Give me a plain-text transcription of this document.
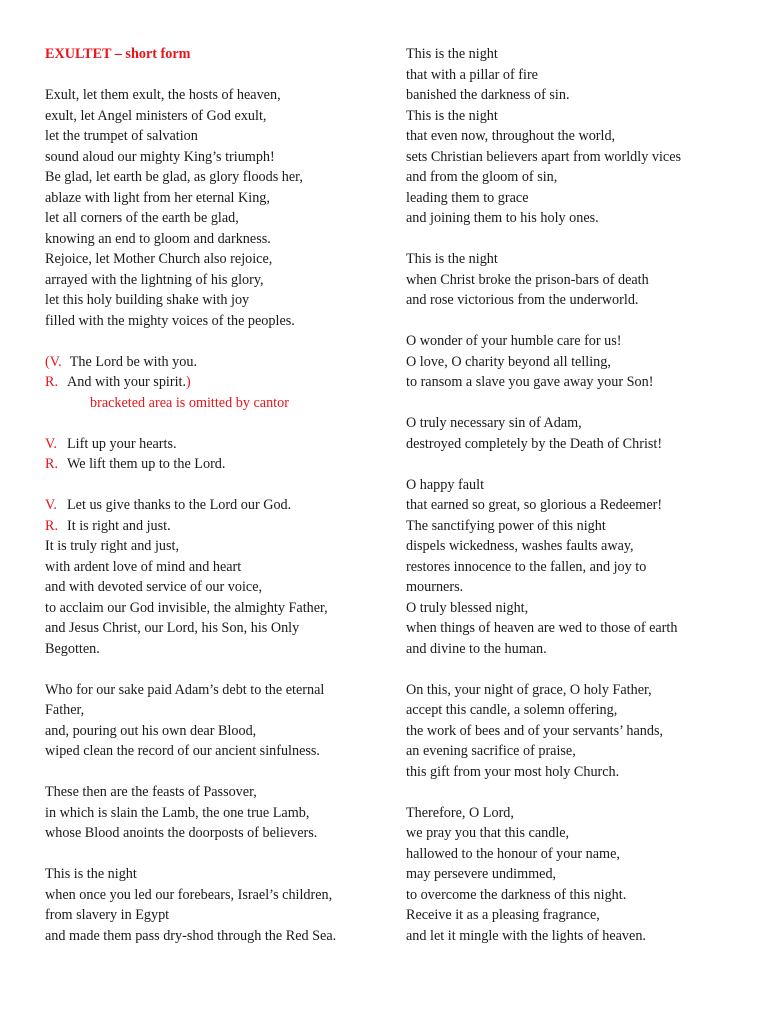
EXULTET – short form
Exult, let them exult, the hosts of heaven,
exult, let Angel ministers of God exult,
let the trumpet of salvation
sound aloud our mighty King’s triumph!
Be glad, let earth be glad, as glory floods her,
ablaze with light from her eternal King,
let all corners of the earth be glad,
knowing an end to gloom and darkness.
Rejoice, let Mother Church also rejoice,
arrayed with the lightning of his glory,
let this holy building shake with joy
filled with the mighty voices of the peoples.
(V. The Lord be with you.
R. And with your spirit.)
bracketed area is omitted by cantor
V. Lift up your hearts.
R. We lift them up to the Lord.
V. Let us give thanks to the Lord our God.
R. It is right and just.
It is truly right and just,
with ardent love of mind and heart
and with devoted service of our voice,
to acclaim our God invisible, the almighty Father,
and Jesus Christ, our Lord, his Son, his Only
Begotten.
Who for our sake paid Adam’s debt to the eternal
Father,
and, pouring out his own dear Blood,
wiped clean the record of our ancient sinfulness.
These then are the feasts of Passover,
in which is slain the Lamb, the one true Lamb,
whose Blood anoints the doorposts of believers.
This is the night
when once you led our forebears, Israel’s children,
from slavery in Egypt
and made them pass dry-shod through the Red Sea.
This is the night
that with a pillar of fire
banished the darkness of sin.
This is the night
that even now, throughout the world,
sets Christian believers apart from worldly vices
and from the gloom of sin,
leading them to grace
and joining them to his holy ones.
This is the night
when Christ broke the prison-bars of death
and rose victorious from the underworld.
O wonder of your humble care for us!
O love, O charity beyond all telling,
to ransom a slave you gave away your Son!
O truly necessary sin of Adam,
destroyed completely by the Death of Christ!
O happy fault
that earned so great, so glorious a Redeemer!
The sanctifying power of this night
dispels wickedness, washes faults away,
restores innocence to the fallen, and joy to
mourners.
O truly blessed night,
when things of heaven are wed to those of earth
and divine to the human.
On this, your night of grace, O holy Father,
accept this candle, a solemn offering,
the work of bees and of your servants’ hands,
an evening sacrifice of praise,
this gift from your most holy Church.
Therefore, O Lord,
we pray you that this candle,
hallowed to the honour of your name,
may persevere undimmed,
to overcome the darkness of this night.
Receive it as a pleasing fragrance,
and let it mingle with the lights of heaven.
